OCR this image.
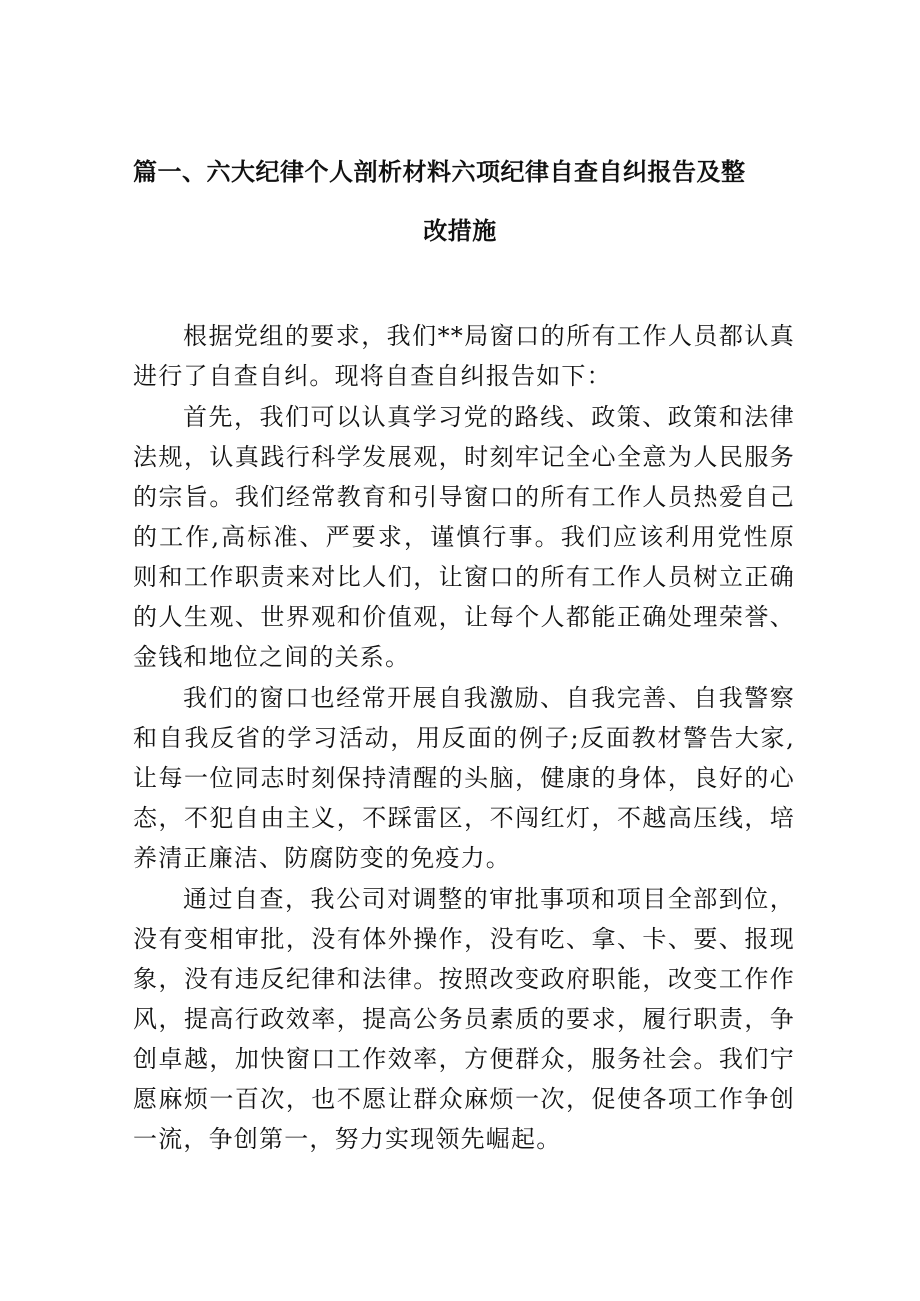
篇一、六大纪律个人剖析材料六项纪律自查自纠报告及整
改措施

根据党组的要求，我们**局窗口的所有工作人员都认真进行了自查自纠。现将自查自纠报告如下：

首先，我们可以认真学习党的路线、政策、政策和法律法规，认真践行科学发展观，时刻牢记全心全意为人民服务的宗旨。我们经常教育和引导窗口的所有工作人员热爱自己的工作,高标准、严要求，谨慎行事。我们应该利用党性原则和工作职责来对比人们，让窗口的所有工作人员树立正确的人生观、世界观和价值观，让每个人都能正确处理荣誉、金钱和地位之间的关系。

我们的窗口也经常开展自我激励、自我完善、自我警察和自我反省的学习活动，用反面的例子;反面教材警告大家,让每一位同志时刻保持清醒的头脑，健康的身体，良好的心态，不犯自由主义，不踩雷区，不闯红灯，不越高压线，培养清正廉洁、防腐防变的免疫力。

通过自查，我公司对调整的审批事项和项目全部到位，没有变相审批，没有体外操作，没有吃、拿、卡、要、报现象，没有违反纪律和法律。按照改变政府职能，改变工作作风，提高行政效率，提高公务员素质的要求，履行职责，争创卓越，加快窗口工作效率，方便群众，服务社会。我们宁愿麻烦一百次，也不愿让群众麻烦一次，促使各项工作争创一流，争创第一，努力实现领先崛起。
